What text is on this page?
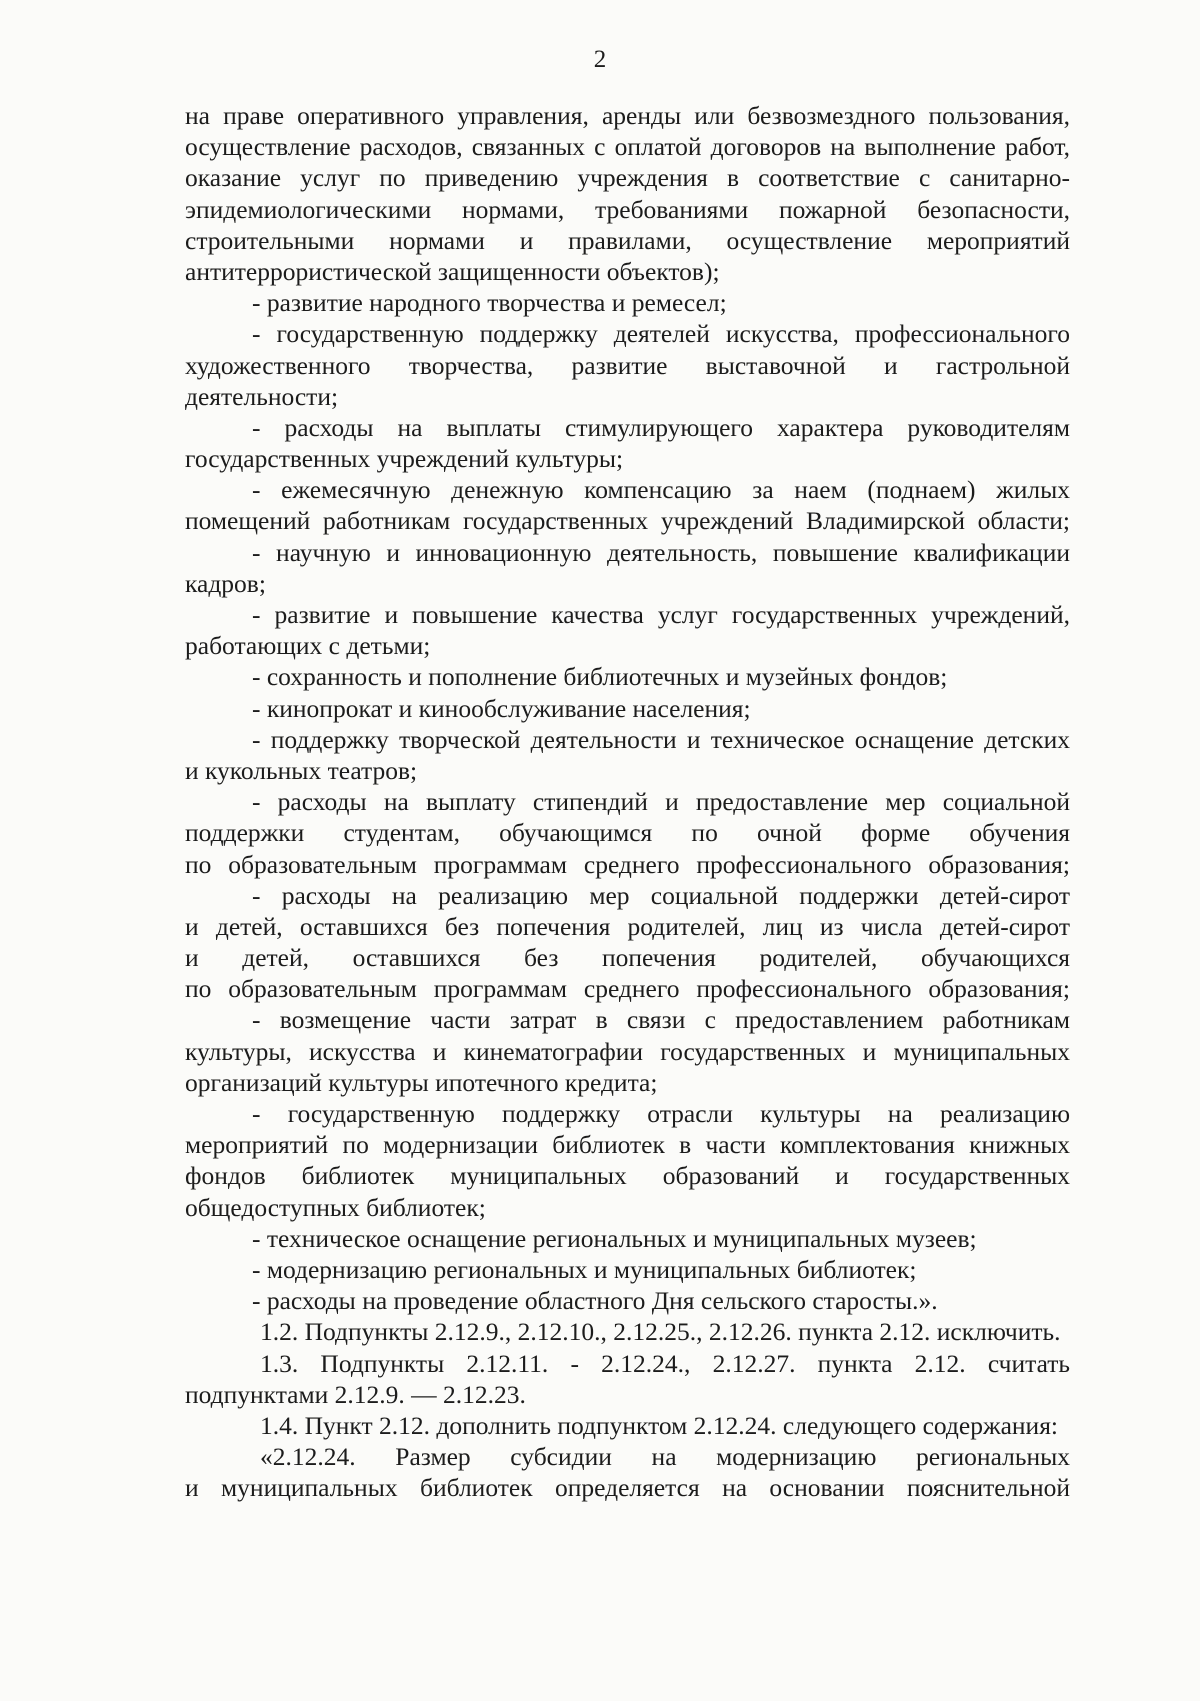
2
на праве оперативного управления, аренды или безвозмездного пользования,
осуществление расходов, связанных с оплатой договоров на выполнение работ,
оказание услуг по приведению учреждения в соответствие с санитарно-
эпидемиологическими нормами, требованиями пожарной безопасности,
строительными нормами и правилами, осуществление мероприятий
антитеррористической защищенности объектов);
- развитие народного творчества и ремесел;
- государственную поддержку деятелей искусства, профессионального
художественного творчества, развитие выставочной и гастрольной
деятельности;
- расходы на выплаты стимулирующего характера руководителям
государственных учреждений культуры;
- ежемесячную денежную компенсацию за наем (поднаем) жилых
помещений работникам государственных учреждений Владимирской области;
- научную и инновационную деятельность, повышение квалификации
кадров;
- развитие и повышение качества услуг государственных учреждений,
работающих с детьми;
- сохранность и пополнение библиотечных и музейных фондов;
- кинопрокат и кинообслуживание населения;
- поддержку творческой деятельности и техническое оснащение детских
и кукольных театров;
- расходы на выплату стипендий и предоставление мер социальной
поддержки студентам, обучающимся по очной форме обучения
по образовательным программам среднего профессионального образования;
- расходы на реализацию мер социальной поддержки детей-сирот
и детей, оставшихся без попечения родителей, лиц из числа детей-сирот
и детей, оставшихся без попечения родителей, обучающихся
по образовательным программам среднего профессионального образования;
- возмещение части затрат в связи с предоставлением работникам
культуры, искусства и кинематографии государственных и муниципальных
организаций культуры ипотечного кредита;
- государственную поддержку отрасли культуры на реализацию
мероприятий по модернизации библиотек в части комплектования книжных
фондов библиотек муниципальных образований и государственных
общедоступных библиотек;
- техническое оснащение региональных и муниципальных музеев;
- модернизацию региональных и муниципальных библиотек;
- расходы на проведение областного Дня сельского старосты.».
1.2. Подпункты 2.12.9., 2.12.10., 2.12.25., 2.12.26. пункта 2.12. исключить.
1.3. Подпункты 2.12.11. - 2.12.24., 2.12.27. пункта 2.12. считать
подпунктами 2.12.9. — 2.12.23.
1.4. Пункт 2.12. дополнить подпунктом 2.12.24. следующего содержания:
«2.12.24. Размер субсидии на модернизацию региональных
и муниципальных библиотек определяется на основании пояснительной
